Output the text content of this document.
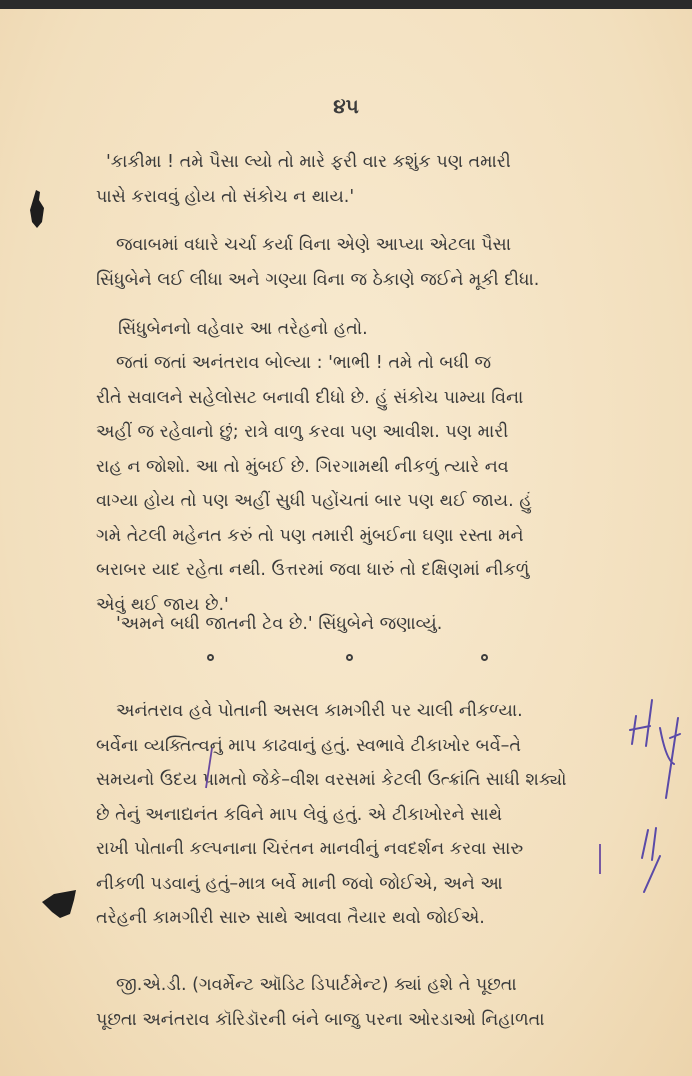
૪૫
'કાકીમા ! તમે પૈસા લ્યો તો મારે ફરી વાર કશુંક પણ તમારી
પાસે કરાવવું હોય તો સંકોચ ન થાય.'
જવાબમાં વધારે ચર્ચા કર્યા વિના એણે આપ્યા એટલા પૈસા
સિંધુબેને લઈ લીધા અને ગણ્યા વિના જ ઠેકાણે જઈને મૂકી દીધા.
સિંધુબેનનો વહેવાર આ તરેહનો હતો.
જતાં જતાં અનંતરાવ બોલ્યા : 'ભાભી ! તમે તો બધી જ
રીતે સવાલને સહેલોસટ બનાવી દીધો છે. હું સંકોચ પામ્યા વિના
અહીં જ રહેવાનો છું; રાત્રે વાળુ કરવા પણ આવીશ. પણ મારી
રાહ ન જોશો. આ તો મુંબઈ છે. ગિરગામથી નીકળું ત્યારે નવ
વાગ્યા હોય તો પણ અહીં સુધી પહોંચતાં બાર પણ થઈ જાય. હું
ગમે તેટલી મહેનત કરું તો પણ તમારી મુંબઈના ઘણા રસ્તા મને
બરાબર યાદ રહેતા નથી. ઉત્તરમાં જવા ધારું તો દક્ષિણમાં નીકળું
એવું થઈ જાય છે.'
'અમને બધી જાતની ટેવ છે.' સિંધુબેને જણાવ્યું.
અનંતરાવ હવે પોતાની અસલ કામગીરી પર ચાલી નીકળ્યા.
બર્વેના વ્યક્તિત્વનું માપ કાઢવાનું હતું. સ્વભાવે ટીકાખોર બર્વે–તે
સમયનો ઉદય પામતો જેકે–વીશ વરસમાં કેટલી ઉત્ક્રાંતિ સાધી શક્યો
છે તેનું અનાદ્યનંત કવિને માપ લેવું હતું. એ ટીકાખોરને સાથે
રાખી પોતાની કલ્પનાના ચિરંતન માનવીનું નવદર્શન કરવા સારુ
નીકળી પડવાનું હતું–માત્ર બર્વે માની જવો જોઈએ, અને આ
તરેહની કામગીરી સારુ સાથે આવવા તૈયાર થવો જોઈએ.
જી.એ.ડી. (ગવર્મેન્ટ ઑડિટ ડિપાર્ટમેન્ટ) ક્યાં હશે તે પૂછતા
પૂછતા અનંતરાવ કૉરિડૉરની બંને બાજુ પરના ઓરડાઓ નિહાળતા
